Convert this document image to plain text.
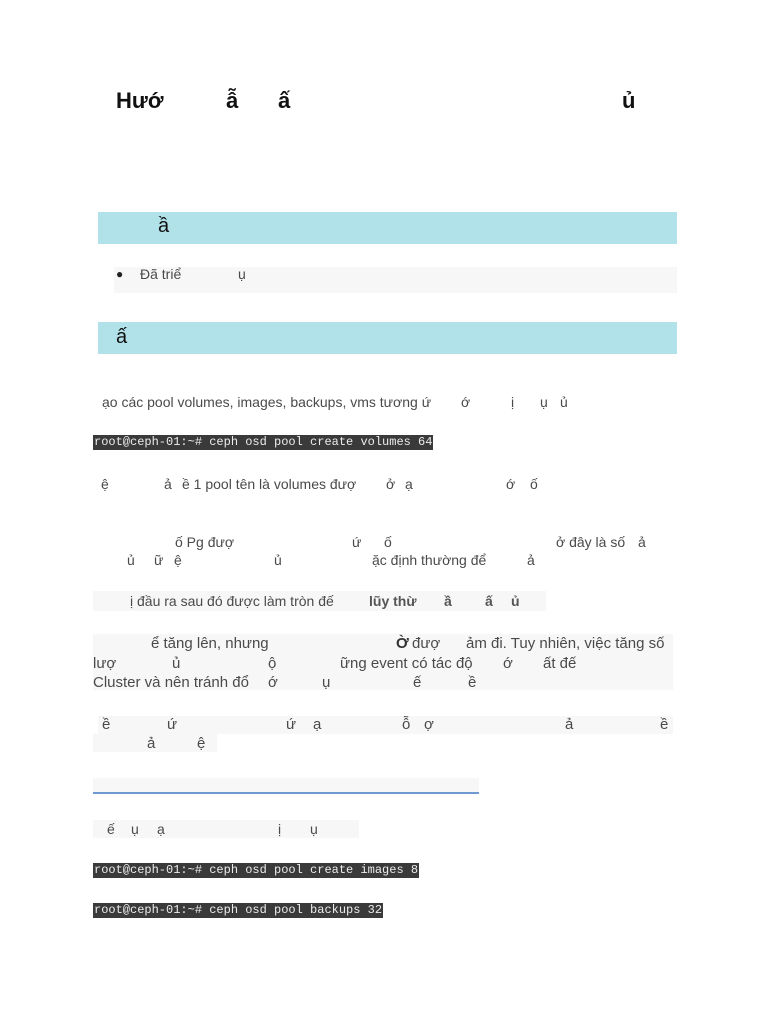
Hướ	ẫ ấ	ủ
ầ
● Đã triể	ụ
ấ
ạo các pool volumes, images, backups, vms tương ứ ớ	ị ụ ủ
root@ceph-01:~# ceph osd pool create volumes 64
ệ	ả ề 1 pool tên là volumes đượ ở ạ	ớ ố
ố Pg đượ	ứ ố	ở đây là số ả
ủ ữ ệ	ủ	ặc định thường để	ả
ị đầu ra sau đó được làm tròn đế	lũy thừ ầ ấ ủ
ể tăng lên, nhưng	Ờ đượ ảm đi. Tuy nhiên, việc tăng số
lượ	ủ	ộ	ững event có tác độ ớ ất đế
Cluster và nên tránh đổ ớ	ụ	ế	ề
ề	ứ	ứ ạ	ỗ ợ	ả	ề
ả	ệ
ế ụ ạ	ị ụ
root@ceph-01:~# ceph osd pool create images 8
root@ceph-01:~# ceph osd pool backups 32
